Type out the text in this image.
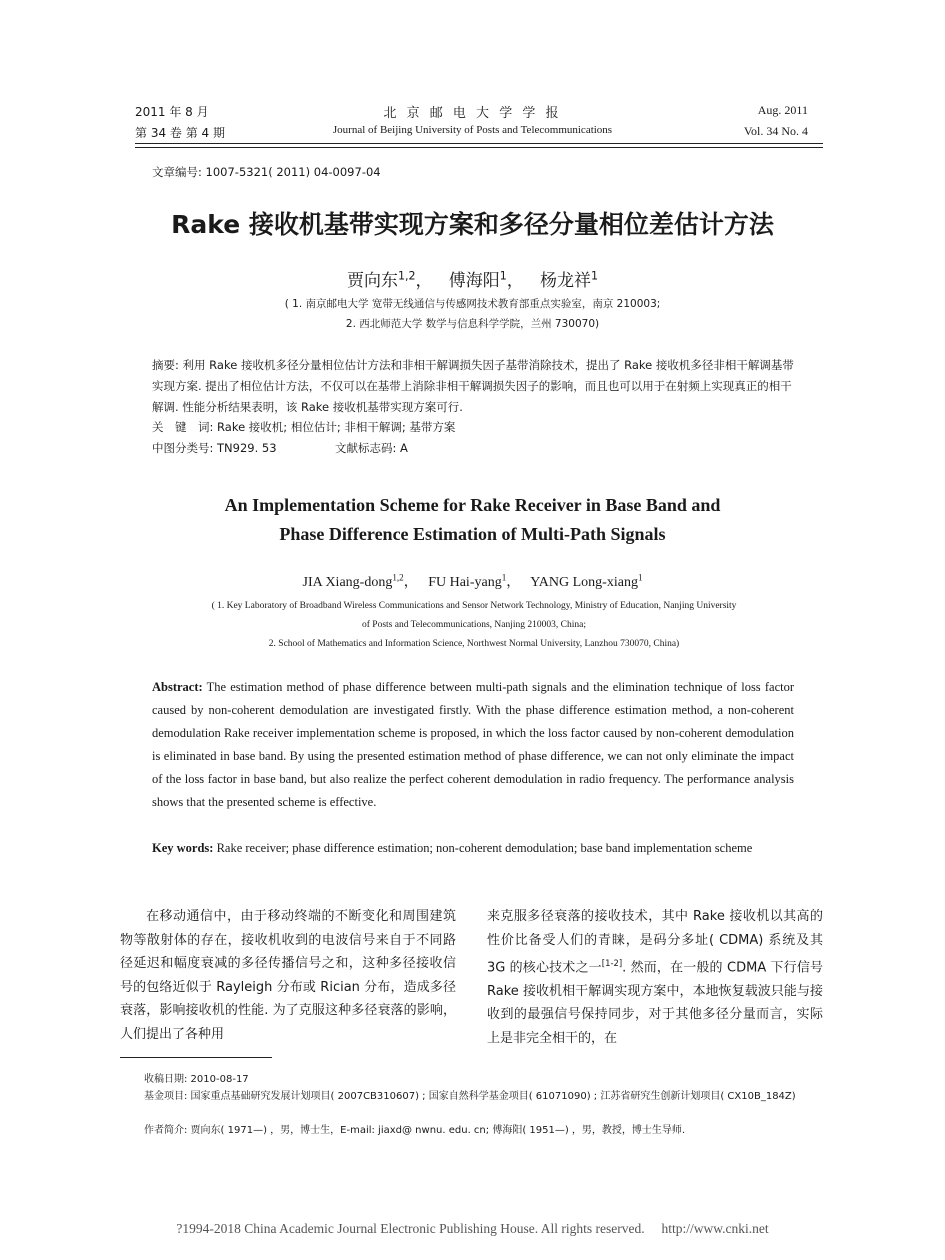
2011 年 8 月
第 34 卷 第 4 期
北 京 邮 电 大 学 学 报
Journal of Beijing University of Posts and Telecommunications
Aug. 2011
Vol. 34 No. 4
文章编号: 1007-5321( 2011) 04-0097-04
Rake 接收机基带实现方案和多径分量相位差估计方法
贾向东$^{1,2}$， 傅海阳$^1$， 杨龙祥$^1$
( 1. 南京邮电大学 宽带无线通信与传感网技术教育部重点实验室，南京 210003;
2. 西北师范大学 数学与信息科学学院，兰州 730070)
摘要: 利用 Rake 接收机多径分量相位估计方法和非相干解调损失因子基带消除技术，提出了 Rake 接收机多径非相干解调基带实现方案. 提出了相位估计方法，不仅可以在基带上消除非相干解调损失因子的影响，而且也可以用于在射频上实现真正的相干解调. 性能分析结果表明，该 Rake 接收机基带实现方案可行.
关　键　词: Rake 接收机; 相位估计; 非相干解调; 基带方案
中图分类号: TN929. 53	文献标志码: A
An Implementation Scheme for Rake Receiver in Base Band and
Phase Difference Estimation of Multi-Path Signals
JIA Xiang-dong$^{1,2}$， FU Hai-yang$^1$， YANG Long-xiang$^1$
( 1. Key Laboratory of Broadband Wireless Communications and Sensor Network Technology, Ministry of Education, Nanjing University
of Posts and Telecommunications, Nanjing 210003, China;
2. School of Mathematics and Information Science, Northwest Normal University, Lanzhou 730070, China)
Abstract: The estimation method of phase difference between multi-path signals and the elimination technique of loss factor caused by non-coherent demodulation are investigated firstly. With the phase difference estimation method, a non-coherent demodulation Rake receiver implementation scheme is proposed, in which the loss factor caused by non-coherent demodulation is eliminated in base band. By using the presented estimation method of phase difference, we can not only eliminate the impact of the loss factor in base band, but also realize the perfect coherent demodulation in radio frequency. The performance analysis shows that the presented scheme is effective.
Key words: Rake receiver; phase difference estimation; non-coherent demodulation; base band implementation scheme
在移动通信中，由于移动终端的不断变化和周围建筑物等散射体的存在，接收机收到的电波信号来自于不同路径延迟和幅度衰减的多径传播信号之和，这种多径接收信号的包络近似于 Rayleigh 分布或 Rician 分布，造成多径衰落，影响接收机的性能. 为了克服这种多径衰落的影响，人们提出了各种用
来克服多径衰落的接收技术，其中 Rake 接收机以其高的性价比备受人们的青睐，是码分多址( CDMA) 系统及其 3G 的核心技术之一[1-2]. 然而，在一般的 CDMA 下行信号 Rake 接收机相干解调实现方案中，本地恢复载波只能与接收到的最强信号保持同步，对于其他多径分量而言，实际上是非完全相干的，在
收稿日期: 2010-08-17
基金项目: 国家重点基础研究发展计划项目( 2007CB310607) ; 国家自然科学基金项目( 61071090) ; 江苏省研究生创新计划项目( CX10B_184Z)
作者简介: 贾向东( 1971—) ，男，博士生，E-mail: jiaxd@ nwnu. edu. cn; 傅海阳( 1951—) ，男，教授，博士生导师.
?1994-2018 China Academic Journal Electronic Publishing House. All rights reserved.　 http://www.cnki.net
